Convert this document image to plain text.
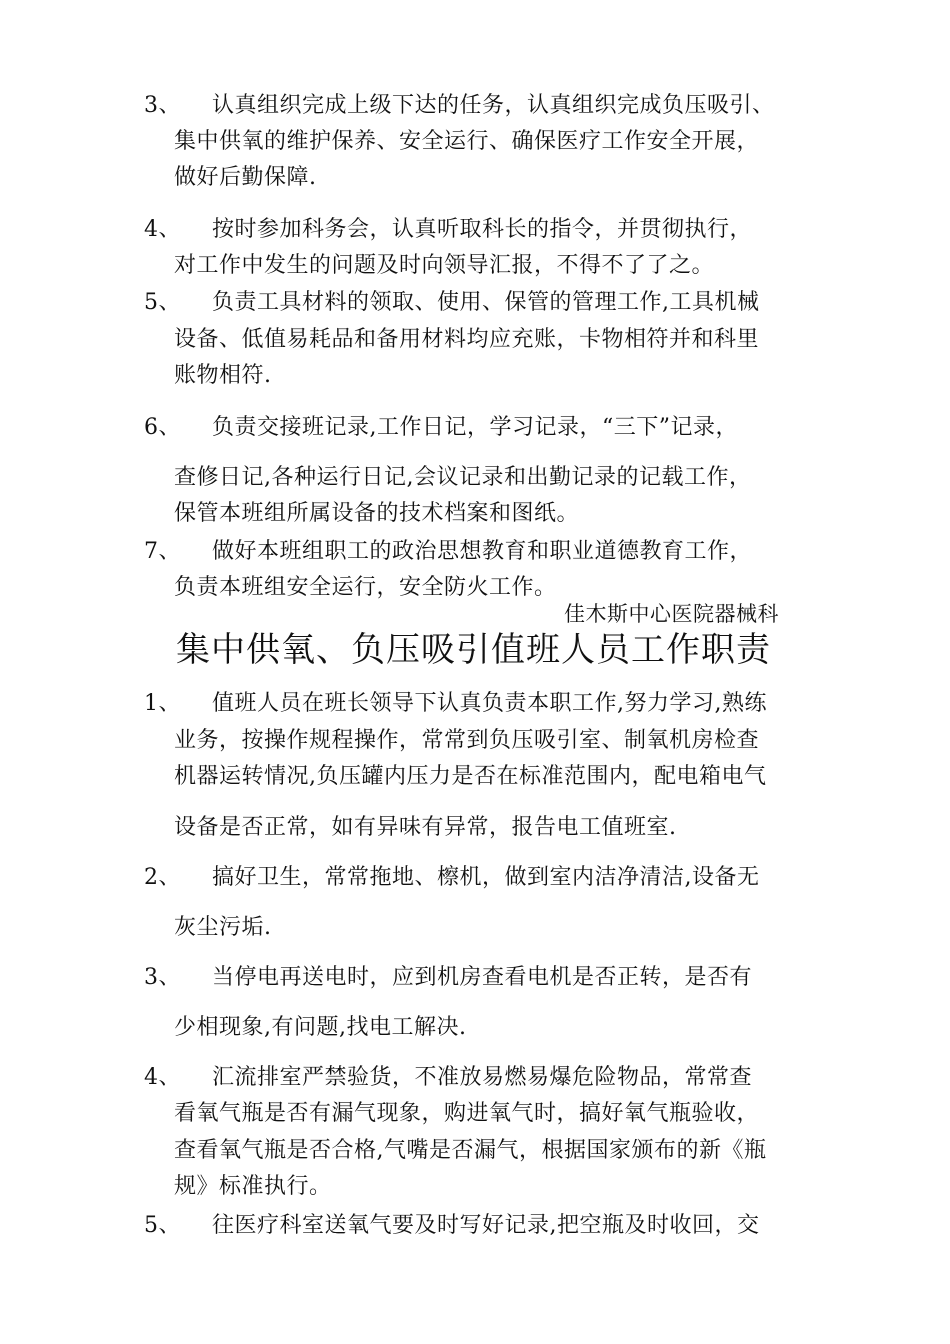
3、 认真组织完成上级下达的任务，认真组织完成负压吸引、
集中供氧的维护保养、安全运行、确保医疗工作安全开展，
做好后勤保障.
4、 按时参加科务会，认真听取科长的指令，并贯彻执行，
对工作中发生的问题及时向领导汇报，不得不了了之。
5、 负责工具材料的领取、使用、保管的管理工作,工具机械
设备、低值易耗品和备用材料均应充账，卡物相符并和科里
账物相符.
6、 负责交接班记录,工作日记，学习记录，“三下”记录，
查修日记,各种运行日记,会议记录和出勤记录的记载工作，
保管本班组所属设备的技术档案和图纸。
7、 做好本班组职工的政治思想教育和职业道德教育工作，
负责本班组安全运行，安全防火工作。
佳木斯中心医院器械科
集中供氧、负压吸引值班人员工作职责
1、 值班人员在班长领导下认真负责本职工作,努力学习,熟练
业务，按操作规程操作，常常到负压吸引室、制氧机房检查
机器运转情况,负压罐内压力是否在标准范围内，配电箱电气
设备是否正常，如有异味有异常，报告电工值班室.
2、 搞好卫生，常常拖地、檫机，做到室内洁净清洁,设备无
灰尘污垢.
3、 当停电再送电时，应到机房查看电机是否正转，是否有
少相现象,有问题,找电工解决.
4、 汇流排室严禁验货，不准放易燃易爆危险物品，常常查
看氧气瓶是否有漏气现象，购进氧气时，搞好氧气瓶验收，
查看氧气瓶是否合格,气嘴是否漏气，根据国家颁布的新《瓶
规》标准执行。
5、 往医疗科室送氧气要及时写好记录,把空瓶及时收回，交
